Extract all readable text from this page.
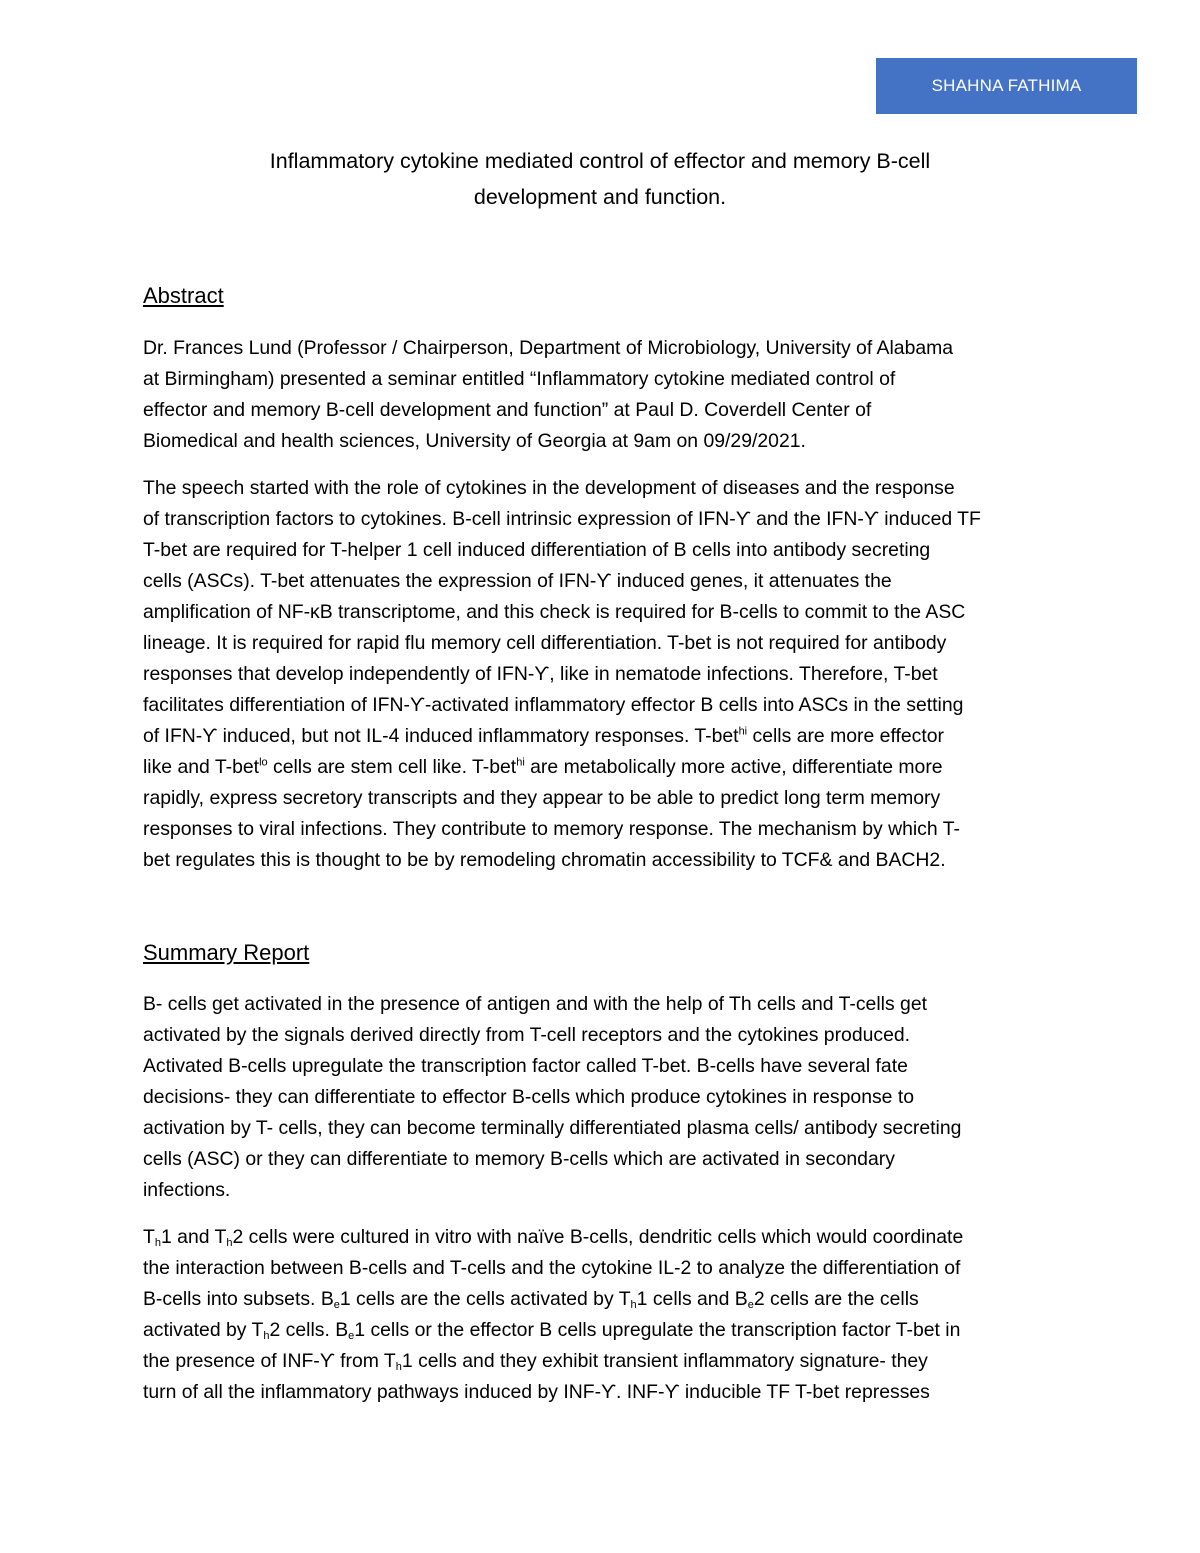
SHAHNA FATHIMA
Inflammatory cytokine mediated control of effector and memory B-cell
development and function.
Abstract

Dr. Frances Lund (Professor / Chairperson, Department of Microbiology, University of Alabama
at Birmingham) presented a seminar entitled “Inflammatory cytokine mediated control of
effector and memory B-cell development and function” at Paul D. Coverdell Center of
Biomedical and health sciences, University of Georgia at 9am on 09/29/2021.

The speech started with the role of cytokines in the development of diseases and the response
of transcription factors to cytokines. B-cell intrinsic expression of IFN-ϒ and the IFN-ϒ induced TF
T-bet are required for T-helper 1 cell induced differentiation of B cells into antibody secreting
cells (ASCs). T-bet attenuates the expression of IFN-ϒ induced genes, it attenuates the
amplification of NF-κB transcriptome, and this check is required for B-cells to commit to the ASC
lineage. It is required for rapid flu memory cell differentiation. T-bet is not required for antibody
responses that develop independently of IFN-ϒ, like in nematode infections. Therefore, T-bet
facilitates differentiation of IFN-ϒ-activated inflammatory effector B cells into ASCs in the setting
of IFN-ϒ induced, but not IL-4 induced inflammatory responses. T-bet$^{hi}$ cells are more effector
like and T-bet$^{lo}$ cells are stem cell like. T-bet$^{hi}$ are metabolically more active, differentiate more
rapidly, express secretory transcripts and they appear to be able to predict long term memory
responses to viral infections. They contribute to memory response. The mechanism by which T-
bet regulates this is thought to be by remodeling chromatin accessibility to TCF& and BACH2.

Summary Report

B- cells get activated in the presence of antigen and with the help of Th cells and T-cells get
activated by the signals derived directly from T-cell receptors and the cytokines produced.
Activated B-cells upregulate the transcription factor called T-bet. B-cells have several fate
decisions- they can differentiate to effector B-cells which produce cytokines in response to
activation by T- cells, they can become terminally differentiated plasma cells/ antibody secreting
cells (ASC) or they can differentiate to memory B-cells which are activated in secondary
infections.

$T_h1$ and $T_h2$ cells were cultured in vitro with naïve B-cells, dendritic cells which would coordinate
the interaction between B-cells and T-cells and the cytokine IL-2 to analyze the differentiation of
B-cells into subsets. $B_e1$ cells are the cells activated by $T_h1$ cells and $B_e2$ cells are the cells
activated by $T_h2$ cells. $B_e1$ cells or the effector B cells upregulate the transcription factor T-bet in
the presence of INF-ϒ from $T_h1$ cells and they exhibit transient inflammatory signature- they
turn of all the inflammatory pathways induced by INF-ϒ. INF-ϒ inducible TF T-bet represses
